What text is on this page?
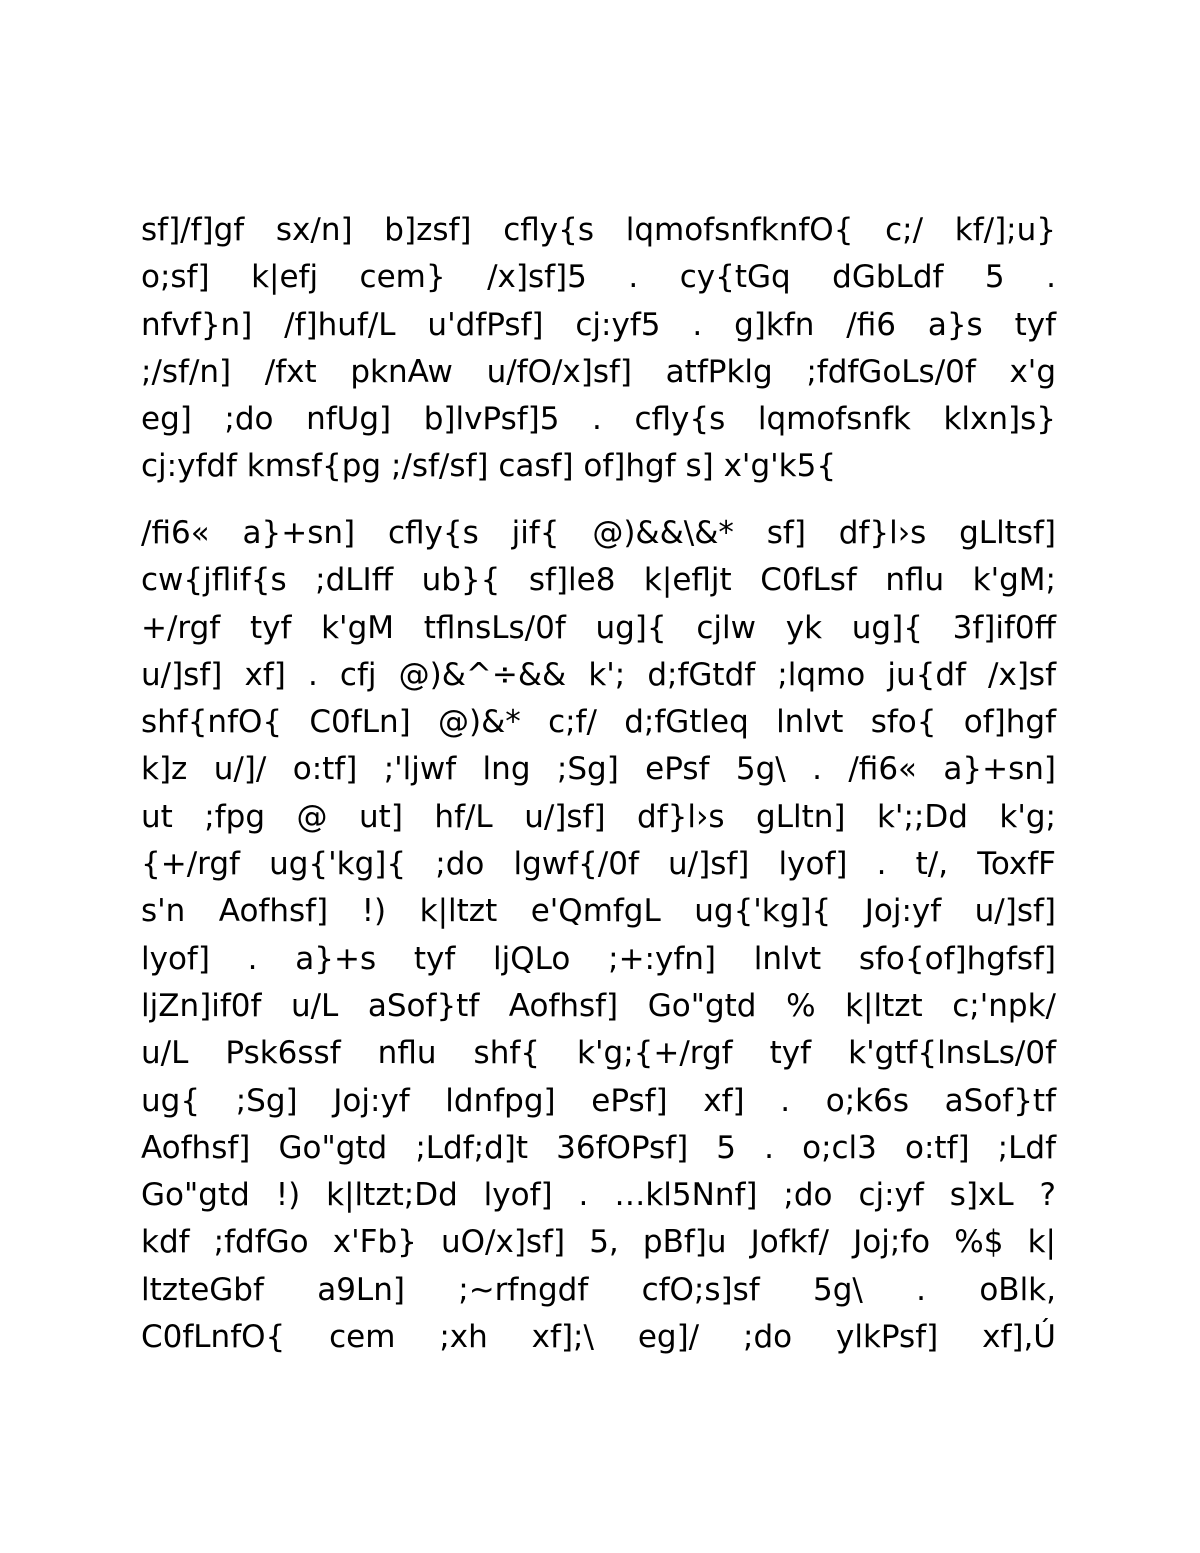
sf]/f]gf sx/n] b]zsf] cfly{s lqmofsnfknfO{ c;/ kf/];u}
o;sf] k|efj cem} /x]sf]5 . cy{tGq dGbLdf 5 .
nfvf}n] /f]huf/L u'dfPsf] cj:yf5 . g]kfn /fi6 a}s tyf
;/sf/n] /fxt pknAw u/fO/x]sf] atfPklg ;fdfGoLs/0f x'g
eg] ;do nfUg] b]lvPsf]5 . cfly{s lqmofsnfk klxn]s}
cj:yfdf kmsf{pg ;/sf/sf] casf] of]hgf s] x'g'k5{
/fi6« a}+sn] cfly{s jif{ @)&&\&* sf] df}l›s gLltsf]
cw{jflif{s ;dLIff ub}{ sf]le8 k|efljt C0fLsf nflu k'gM;
+/rgf tyf k'gM tflnsLs/0f ug]{ cjlw yk ug]{ 3f]if0ff
u/]sf] xf] . cfj @)&^÷&& k'; d;fGtdf ;lqmo ju{df /x]sf
shf{nfO{ C0fLn] @)&* c;f/ d;fGtleq lnlvt sfo{ of]hgf
k]z u/]/ o:tf] ;'ljwf lng ;Sg] ePsf 5g\ . /fi6« a}+sn]
ut ;fpg @ ut] hf/L u/]sf] df}l›s gLltn] k';;Dd k'g;
{+/rgf ug{'kg]{ ;do lgwf{/0f u/]sf] lyof] . t/, ToxfF
s'n Aofhsf] !) k|ltzt e'QmfgL ug{'kg]{ Joj:yf u/]sf]
lyof] . a}+s tyf ljQLo ;+:yfn] lnlvt sfo{of]hgfsf]
ljZn]if0f u/L aSof}tf Aofhsf] Go"gtd % k|ltzt c;'npk/
u/L Psk6ssf nflu shf{ k'g;{+/rgf tyf k'gtf{lnsLs/0f
ug{ ;Sg] Joj:yf ldnfpg] ePsf] xf] . o;k6s aSof}tf
Aofhsf] Go"gtd ;Ldf;d]t 36fOPsf] 5 . o;cl3 o:tf] ;Ldf
Go"gtd !) k|ltzt;Dd lyof] . …kl5Nnf] ;do cj:yf s]xL ?
kdf ;fdfGo x'Fb} uO/x]sf] 5, pBf]u Jofkf/ Joj;fo %$ k|
ltzteGbf a9Ln] ;~rfngdf cfO;s]sf 5g\ . oBlk,
C0fLnfO{ cem ;xh xf];\ eg]/ ;do ylkPsf] xf],Ú
